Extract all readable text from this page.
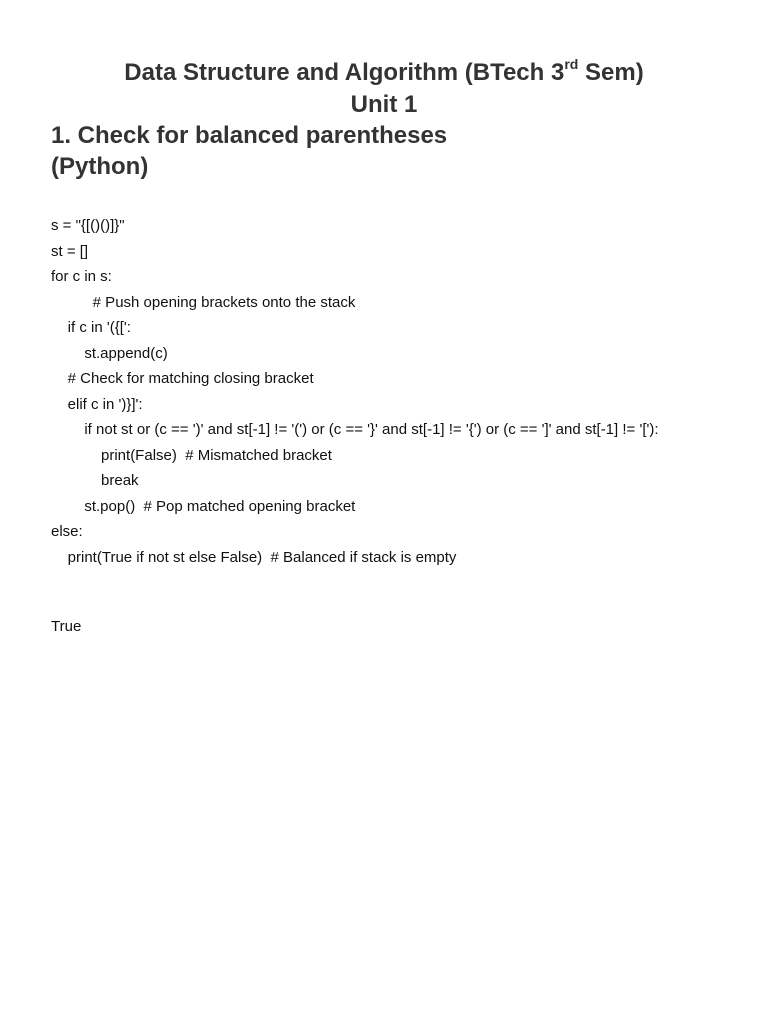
Data Structure and Algorithm (BTech 3rd Sem)
Unit 1
1. Check for balanced parentheses
(Python)
s = "{[()()]}"
st = []
for c in s:
# Push opening brackets onto the stack
if c in '({[':
st.append(c)
# Check for matching closing bracket
elif c in ')}]':
if not st or (c == ')' and st[-1] != '(') or (c == '}' and st[-1] != '{') or (c == ']' and st[-1] != '['):
print(False)  # Mismatched bracket
break
st.pop()  # Pop matched opening bracket
else:
print(True if not st else False)  # Balanced if stack is empty
True
